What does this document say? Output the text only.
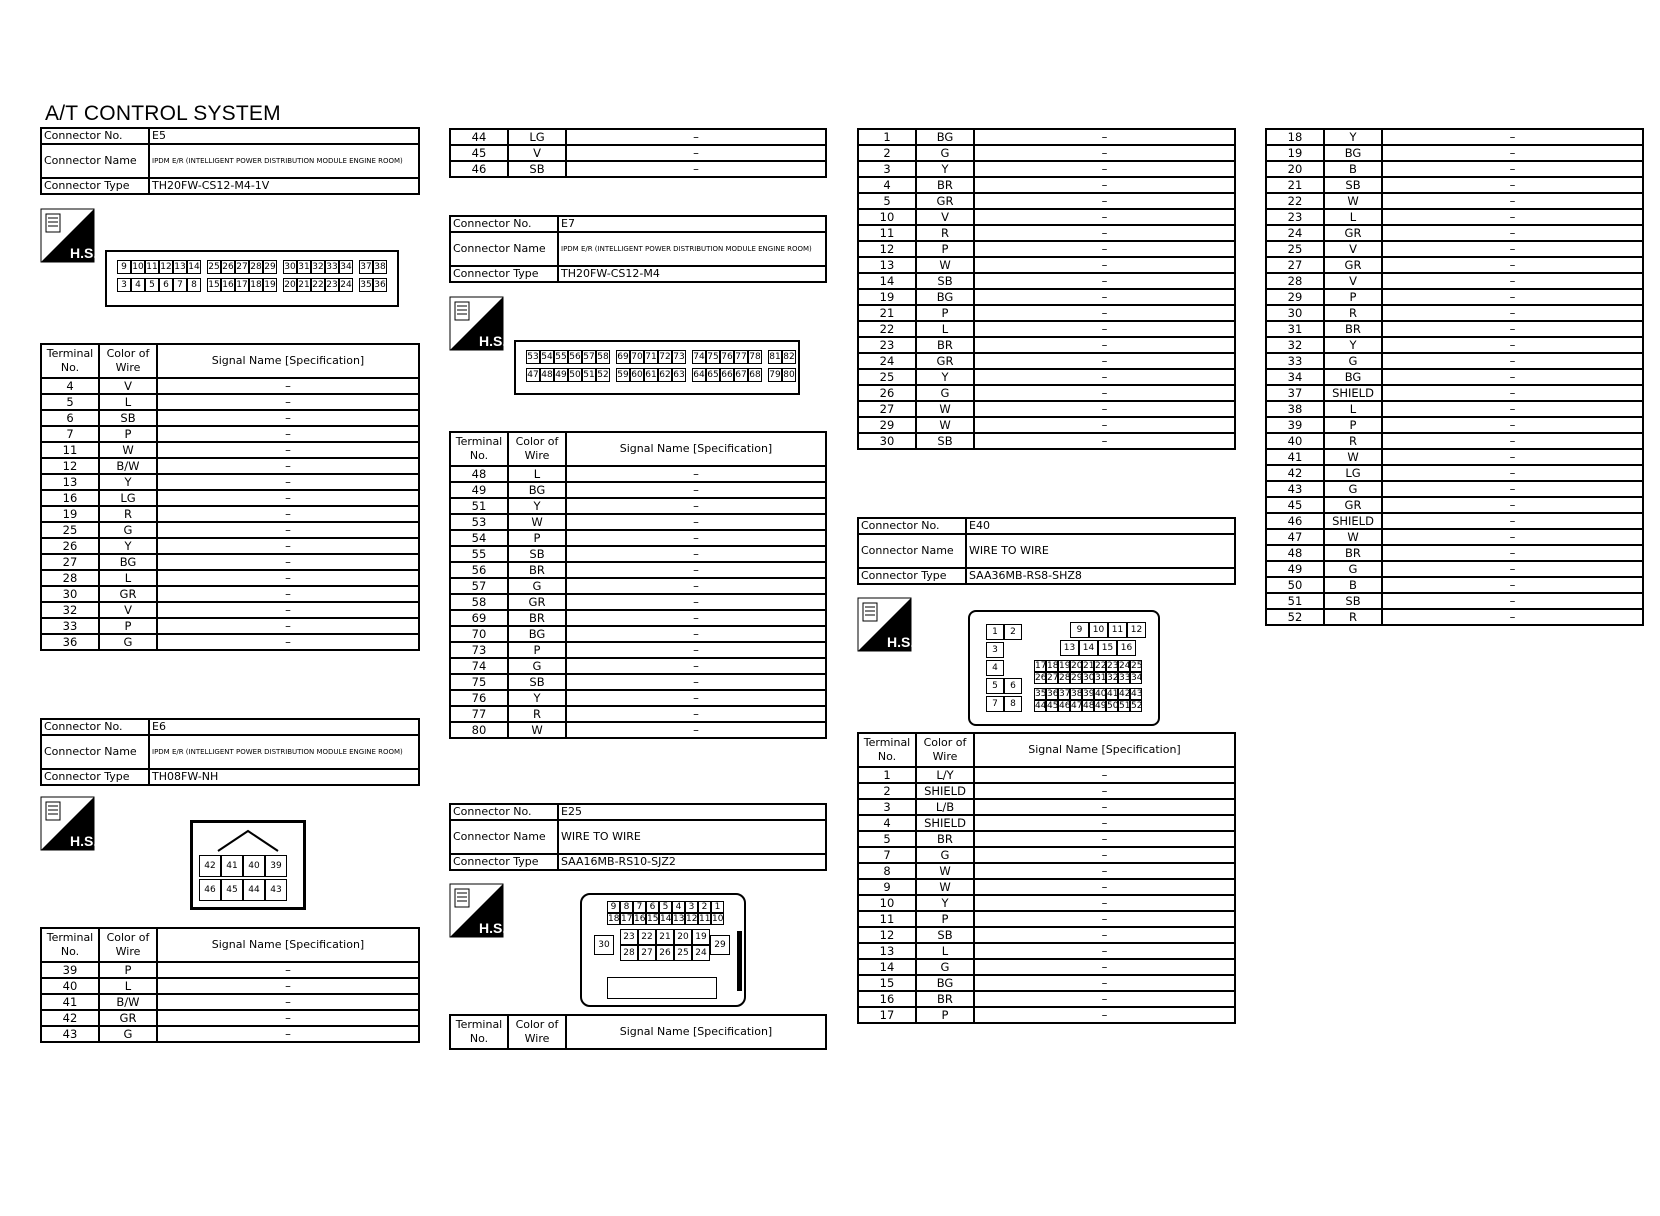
A/T CONTROL SYSTEM
Connector No.	E5
Connector Name	IPDM E/R (INTELLIGENT POWER DISTRIBUTION MODULE ENGINE ROOM)
Connector Type	TH20FW-CS12-M4-1V
H.S.
9 10 11 12 13 14 25 26 27 28 29 30 31 32 33 34 37 38
3 4 5 6 7 8	15 16 17 18 19 20 21 22 23 24 35 36
Terminal No.	Color of Wire	Signal Name [Specification]
4	V	–
5	L	–
6	SB	–
7	P	–
11	W	–
12	B/W	–
13	Y	–
16	LG	–
19	R	–
25	G	–
26	Y	–
27	BG	–
28	L	–
30	GR	–
32	V	–
33	P	–
36	G	–
Connector No.	E6
Connector Name	IPDM E/R (INTELLIGENT POWER DISTRIBUTION MODULE ENGINE ROOM)
Connector Type	TH08FW-NH
H.S.
42	41	40	39
46	45	44	43
Terminal No.	Color of Wire	Signal Name [Specification]
39	P	–
40	L	–
41	B/W	–
42	GR	–
43	G	–
44	LG	–
45	V	–
46	SB	–
Connector No.	E7
Connector Name	IPDM E/R (INTELLIGENT POWER DISTRIBUTION MODULE ENGINE ROOM)
Connector Type	TH20FW-CS12-M4
H.S.
53 54 55 56 57 58 69 70 71 72 73 74 75 76 77 78 81 82
47 48 49 50 51 52 59 60 61 62 63 64 65 66 67 68 79 80
Terminal No.	Color of Wire	Signal Name [Specification]
48	L	–
49	BG	–
51	Y	–
53	W	–
54	P	–
55	SB	–
56	BR	–
57	G	–
58	GR	–
69	BR	–
70	BG	–
73	P	–
74	G	–
75	SB	–
76	Y	–
77	R	–
80	W	–
Connector No.	E25
Connector Name	WIRE TO WIRE
Connector Type	SAA16MB-RS10-SJZ2
H.S.
9 8 7 6 5 4 3 2 1
18 17 16 15 14 13 12 11 10
23 22 21 20 19
28 27 26 25 24
30	29
Terminal No.	Color of Wire	Signal Name [Specification]
1	BG	–
2	G	–
3	Y	–
4	BR	–
5	GR	–
10	V	–
11	R	–
12	P	–
13	W	–
14	SB	–
19	BG	–
21	P	–
22	L	–
23	BR	–
24	GR	–
25	Y	–
26	G	–
27	W	–
29	W	–
30	SB	–
Connector No.	E40
Connector Name	WIRE TO WIRE
Connector Type	SAA36MB-RS8-SHZ8
H.S.
1	2
3
4
5	6
7	8
9	10 11 12
13 14 15 16
17 18 19 20 21 22 23 24 25
26 27 28 29 30 31 32 33 34
35 36 37 38 39 40 41 42 43
44 45 46 47 48 49 50 51 52
Terminal No.	Color of Wire	Signal Name [Specification]
1	L/Y	–
2	SHIELD	–
3	L/B	–
4	SHIELD	–
5	BR	–
7	G	–
8	W	–
9	W	–
10	Y	–
11	P	–
12	SB	–
13	L	–
14	G	–
15	BG	–
16	BR	–
17	P	–
18	Y	–
19	BG	–
20	B	–
21	SB	–
22	W	–
23	L	–
24	GR	–
25	V	–
27	GR	–
28	V	–
29	P	–
30	R	–
31	BR	–
32	Y	–
33	G	–
34	BG	–
37	SHIELD	–
38	L	–
39	P	–
40	R	–
41	W	–
42	LG	–
43	G	–
45	GR	–
46	SHIELD	–
47	W	–
48	BR	–
49	G	–
50	B	–
51	SB	–
52	R	–
